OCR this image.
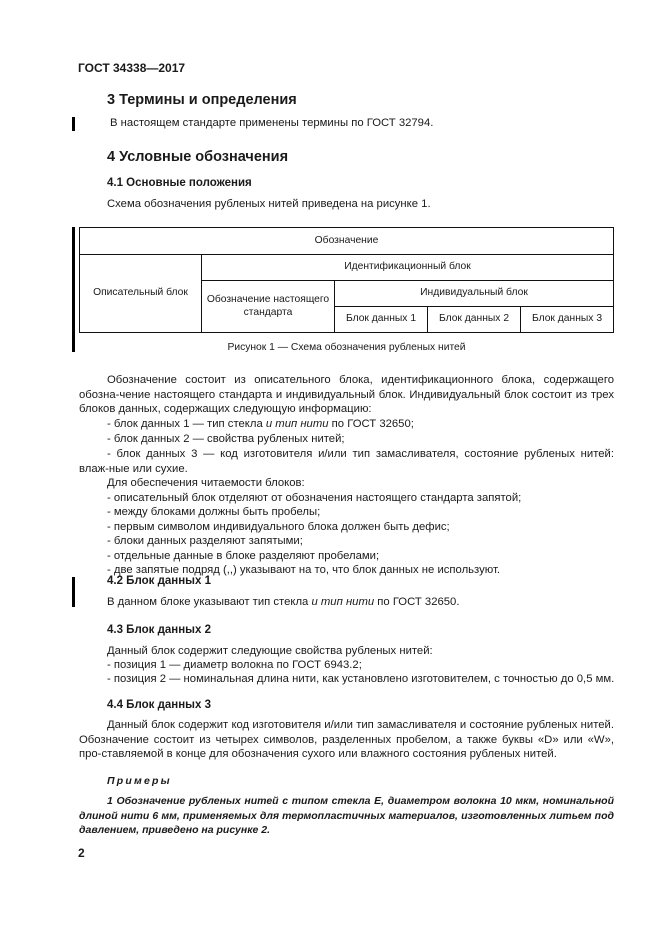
ГОСТ 34338—2017
3 Термины и определения
В настоящем стандарте применены термины по ГОСТ 32794.
4 Условные обозначения
4.1 Основные положения
Схема обозначения рубленых нитей приведена на рисунке 1.
Обозначение				
Описательный блок	Идентификационный блок			
	Обозначение настоящего стандарта	Индивидуальный блок		
		Блок данных 1	Блок данных 2	Блок данных 3
Рисунок 1 — Схема обозначения рубленых нитей
Обозначение состоит из описательного блока, идентификационного блока, содержащего обозна-чение настоящего стандарта и индивидуальный блок. Индивидуальный блок состоит из трех блоков данных, содержащих следующую информацию:
- блок данных 1 — тип стекла и тип нити по ГОСТ 32650;
- блок данных 2 — свойства рубленых нитей;
- блок данных 3 — код изготовителя и/или тип замасливателя, состояние рубленых нитей: влаж-ные или сухие.
Для обеспечения читаемости блоков:
- описательный блок отделяют от обозначения настоящего стандарта запятой;
- между блоками должны быть пробелы;
- первым символом индивидуального блока должен быть дефис;
- блоки данных разделяют запятыми;
- отдельные данные в блоке разделяют пробелами;
- две запятые подряд (,,) указывают на то, что блок данных не используют.
4.2 Блок данных 1
В данном блоке указывают тип стекла и тип нити по ГОСТ 32650.
4.3 Блок данных 2
Данный блок содержит следующие свойства рубленых нитей:
- позиция 1 — диаметр волокна по ГОСТ 6943.2;
- позиция 2 — номинальная длина нити, как установлено изготовителем, с точностью до 0,5 мм.
4.4 Блок данных 3
Данный блок содержит код изготовителя и/или тип замасливателя и состояние рубленых нитей. Обозначение состоит из четырех символов, разделенных пробелом, а также буквы «D» или «W», про-ставляемой в конце для обозначения сухого или влажного состояния рубленых нитей.
Примеры
1 Обозначение рубленых нитей с типом стекла E, диаметром волокна 10 мкм, номинальной длиной нити 6 мм, применяемых для термопластичных материалов, изготовленных литьем под давлением, приведено на рисунке 2.
2
